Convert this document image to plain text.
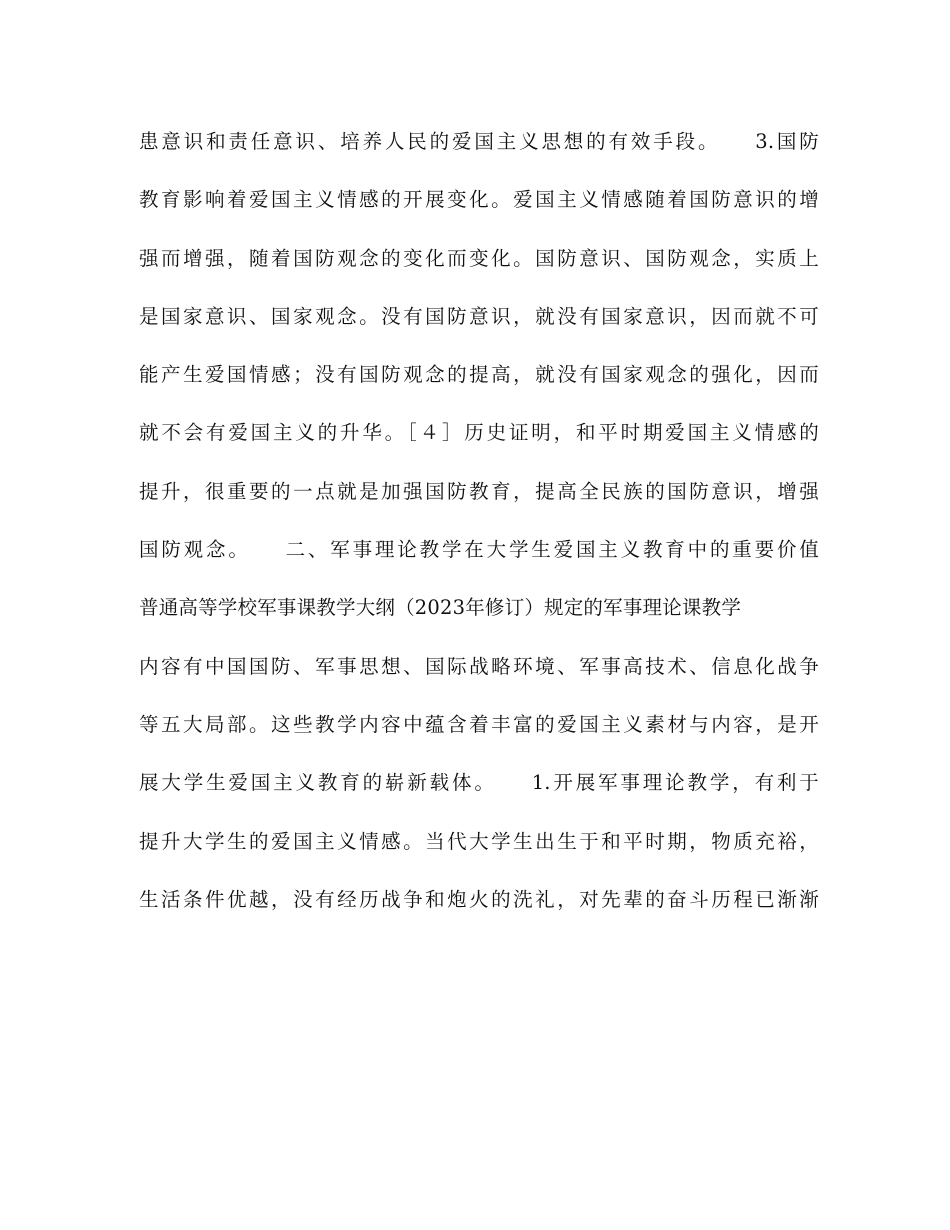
患意识和责任意识、培养人民的爱国主义思想的有效手段。　　3.国防
教育影响着爱国主义情感的开展变化。爱国主义情感随着国防意识的增
强而增强，随着国防观念的变化而变化。国防意识、国防观念，实质上
是国家意识、国家观念。没有国防意识，就没有国家意识，因而就不可
能产生爱国情感；没有国防观念的提高，就没有国家观念的强化，因而
就不会有爱国主义的升华。［４］历史证明，和平时期爱国主义情感的
提升，很重要的一点就是加强国防教育，提高全民族的国防意识，增强
国防观念。　　二、军事理论教学在大学生爱国主义教育中的重要价值
普通高等学校军事课教学大纲（2023年修订）规定的军事理论课教学
内容有中国国防、军事思想、国际战略环境、军事高技术、信息化战争
等五大局部。这些教学内容中蕴含着丰富的爱国主义素材与内容，是开
展大学生爱国主义教育的崭新载体。　　1.开展军事理论教学，有利于
提升大学生的爱国主义情感。当代大学生出生于和平时期，物质充裕，
生活条件优越，没有经历战争和炮火的洗礼，对先辈的奋斗历程已渐渐
